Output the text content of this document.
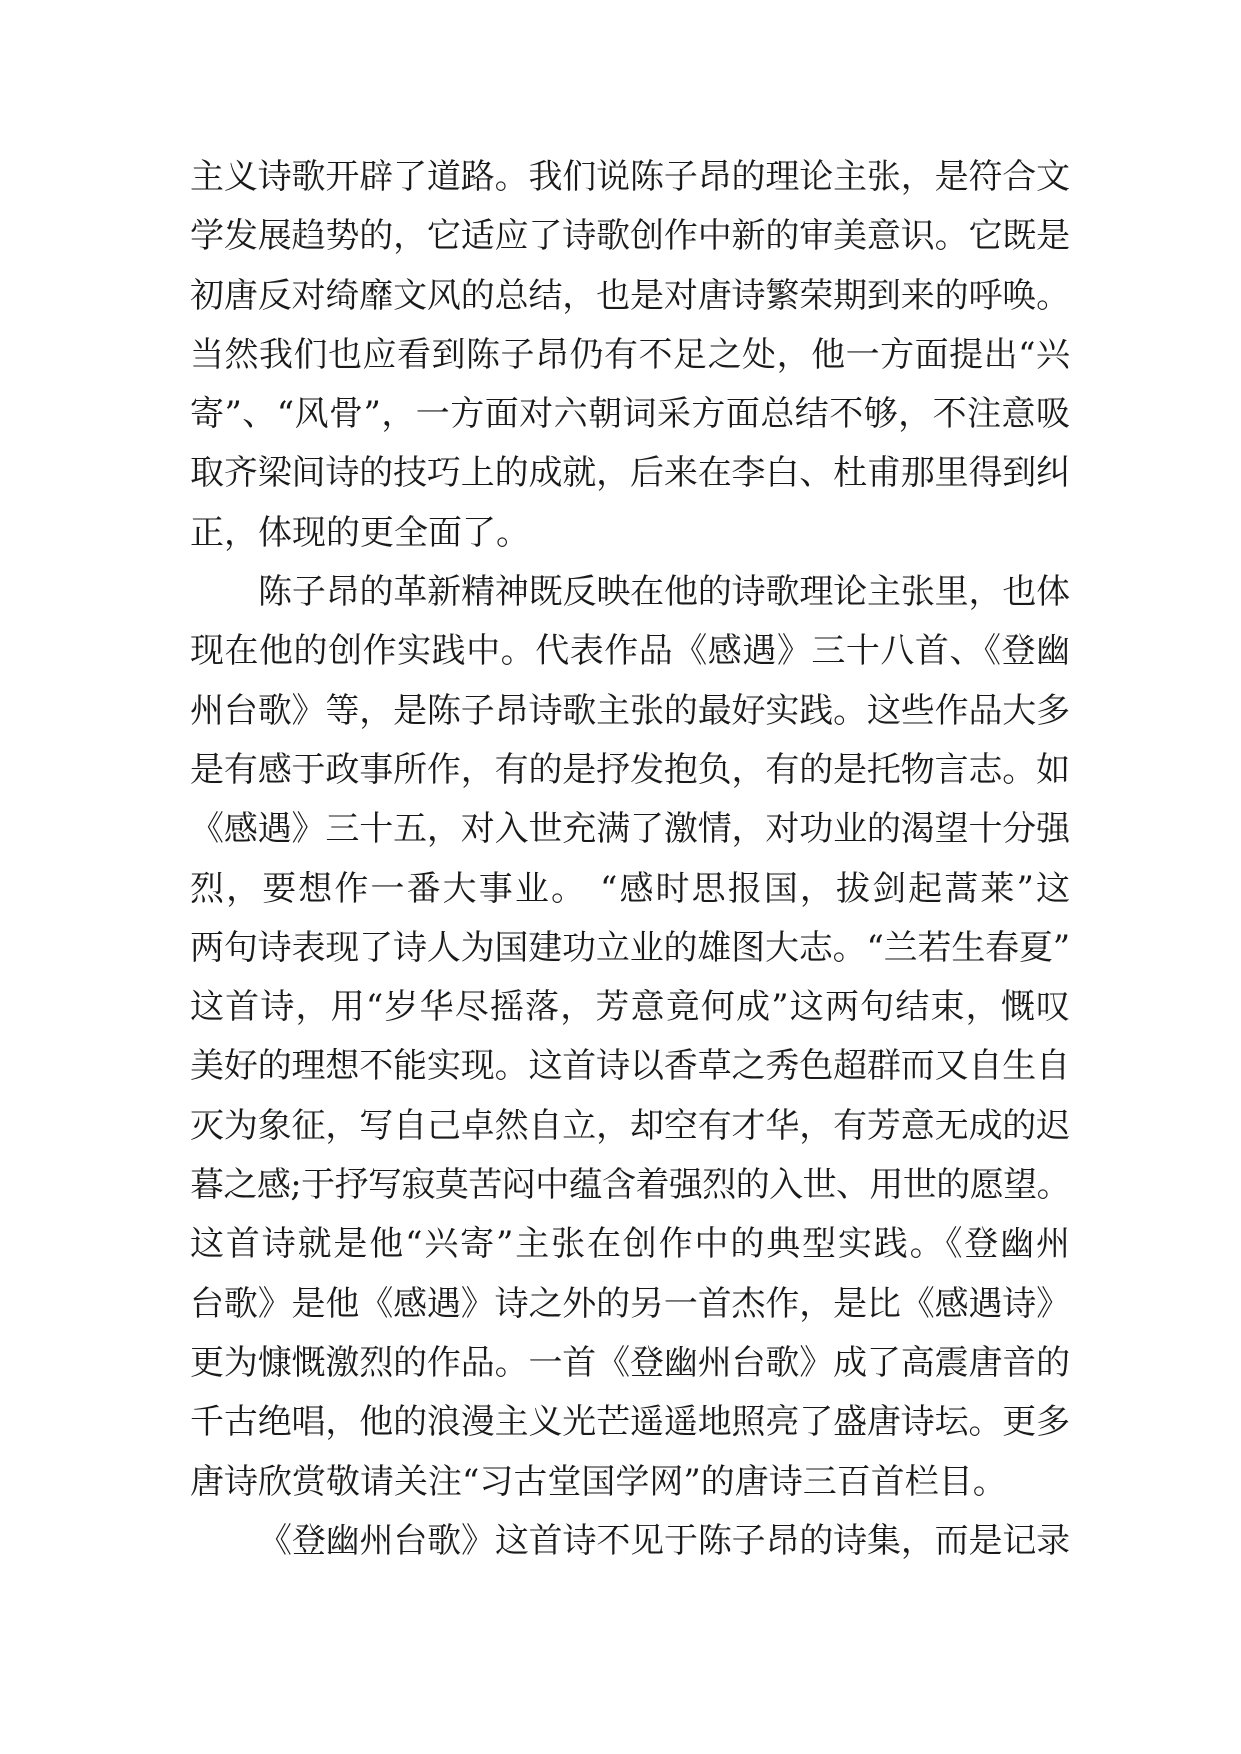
主义诗歌开辟了道路。我们说陈子昂的理论主张，是符合文
学发展趋势的，它适应了诗歌创作中新的审美意识。它既是
初唐反对绮靡文风的总结，也是对唐诗繁荣期到来的呼唤。
当然我们也应看到陈子昂仍有不足之处，他一方面提出“兴
寄”、“风骨”，一方面对六朝词采方面总结不够，不注意吸
取齐梁间诗的技巧上的成就，后来在李白、杜甫那里得到纠
正，体现的更全面了。
陈子昂的革新精神既反映在他的诗歌理论主张里，也体
现在他的创作实践中。代表作品《感遇》三十八首、《登幽
州台歌》等，是陈子昂诗歌主张的最好实践。这些作品大多
是有感于政事所作，有的是抒发抱负，有的是托物言志。如
《感遇》三十五，对入世充满了激情，对功业的渴望十分强
烈，要想作一番大事业。 “感时思报国，拔剑起蒿莱”这
两句诗表现了诗人为国建功立业的雄图大志。“兰若生春夏”
这首诗，用“岁华尽摇落，芳意竟何成”这两句结束，慨叹
美好的理想不能实现。这首诗以香草之秀色超群而又自生自
灭为象征，写自己卓然自立，却空有才华，有芳意无成的迟
暮之感;于抒写寂莫苦闷中蕴含着强烈的入世、用世的愿望。
这首诗就是他“兴寄”主张在创作中的典型实践。《登幽州
台歌》是他《感遇》诗之外的另一首杰作，是比《感遇诗》
更为慷慨激烈的作品。一首《登幽州台歌》成了高震唐音的
千古绝唱，他的浪漫主义光芒遥遥地照亮了盛唐诗坛。更多
唐诗欣赏敬请关注“习古堂国学网”的唐诗三百首栏目。
《登幽州台歌》这首诗不见于陈子昂的诗集，而是记录
